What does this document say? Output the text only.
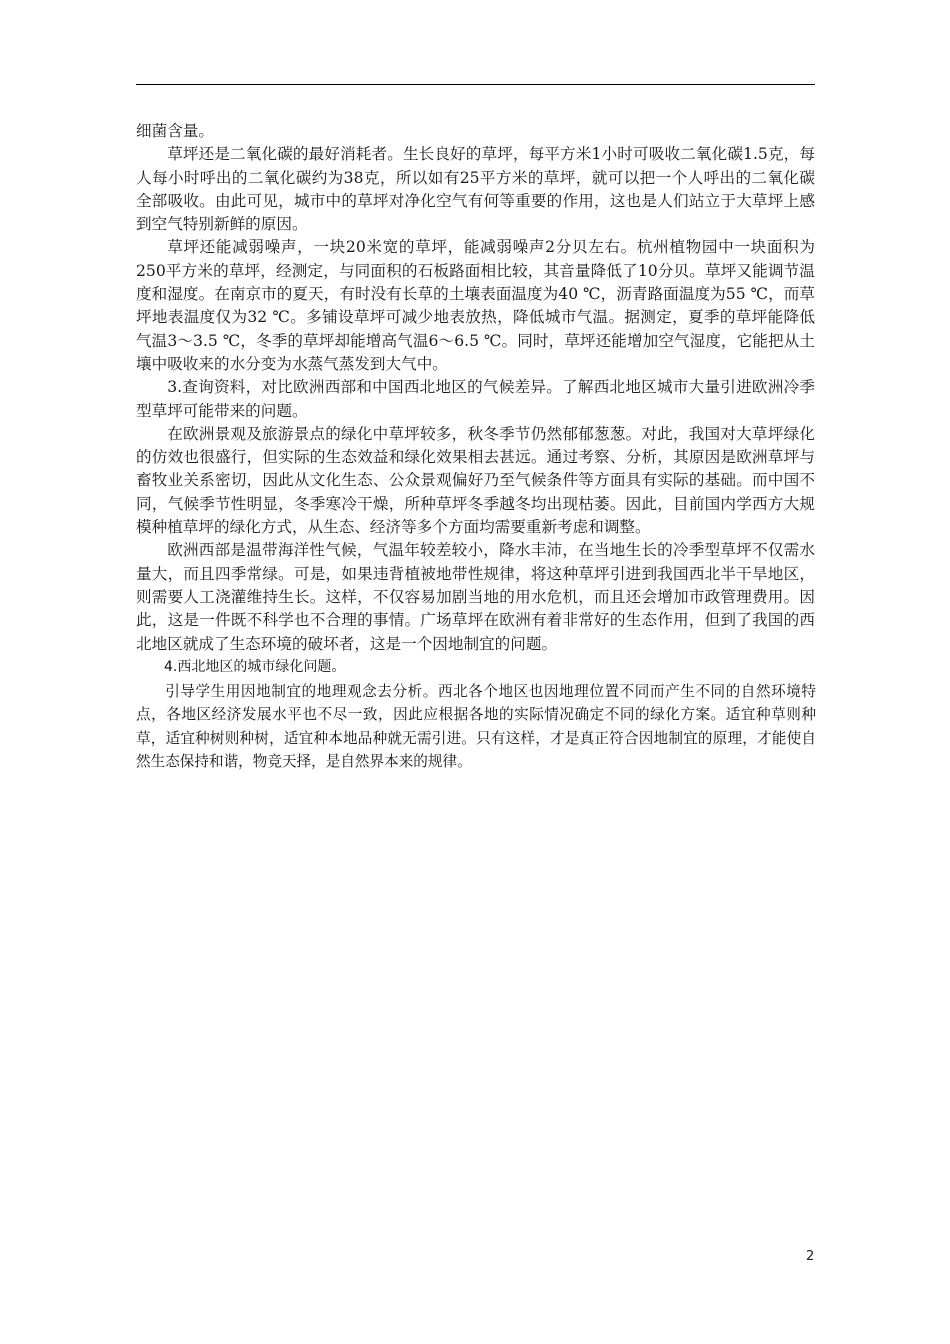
细菌含量。

草坪还是二氧化碳的最好消耗者。生长良好的草坪，每平方米1小时可吸收二氧化碳1.5克，每人每小时呼出的二氧化碳约为38克，所以如有25平方米的草坪，就可以把一个人呼出的二氧化碳全部吸收。由此可见，城市中的草坪对净化空气有何等重要的作用，这也是人们站立于大草坪上感到空气特别新鲜的原因。

草坪还能减弱噪声，一块20米宽的草坪，能减弱噪声2分贝左右。杭州植物园中一块面积为250平方米的草坪，经测定，与同面积的石板路面相比较，其音量降低了10分贝。草坪又能调节温度和湿度。在南京市的夏天，有时没有长草的土壤表面温度为40 ℃，沥青路面温度为55 ℃，而草坪地表温度仅为32 ℃。多铺设草坪可减少地表放热，降低城市气温。据测定，夏季的草坪能降低气温3～3.5 ℃，冬季的草坪却能增高气温6～6.5 ℃。同时，草坪还能增加空气湿度，它能把从土壤中吸收来的水分变为水蒸气蒸发到大气中。

3.查询资料，对比欧洲西部和中国西北地区的气候差异。了解西北地区城市大量引进欧洲冷季型草坪可能带来的问题。

在欧洲景观及旅游景点的绿化中草坪较多，秋冬季节仍然郁郁葱葱。对此，我国对大草坪绿化的仿效也很盛行，但实际的生态效益和绿化效果相去甚远。通过考察、分析，其原因是欧洲草坪与畜牧业关系密切，因此从文化生态、公众景观偏好乃至气候条件等方面具有实际的基础。而中国不同，气候季节性明显，冬季寒冷干燥，所种草坪冬季越冬均出现枯萎。因此，目前国内学西方大规模种植草坪的绿化方式，从生态、经济等多个方面均需要重新考虑和调整。

欧洲西部是温带海洋性气候，气温年较差较小，降水丰沛，在当地生长的冷季型草坪不仅需水量大，而且四季常绿。可是，如果违背植被地带性规律，将这种草坪引进到我国西北半干旱地区，则需要人工浇灌维持生长。这样，不仅容易加剧当地的用水危机，而且还会增加市政管理费用。因此，这是一件既不科学也不合理的事情。广场草坪在欧洲有着非常好的生态作用，但到了我国的西北地区就成了生态环境的破坏者，这是一个因地制宜的问题。

4.西北地区的城市绿化问题。

引导学生用因地制宜的地理观念去分析。西北各个地区也因地理位置不同而产生不同的自然环境特点，各地区经济发展水平也不尽一致，因此应根据各地的实际情况确定不同的绿化方案。适宜种草则种草，适宜种树则种树，适宜种本地品种就无需引进。只有这样，才是真正符合因地制宜的原理，才能使自然生态保持和谐，物竞天择，是自然界本来的规律。

2
